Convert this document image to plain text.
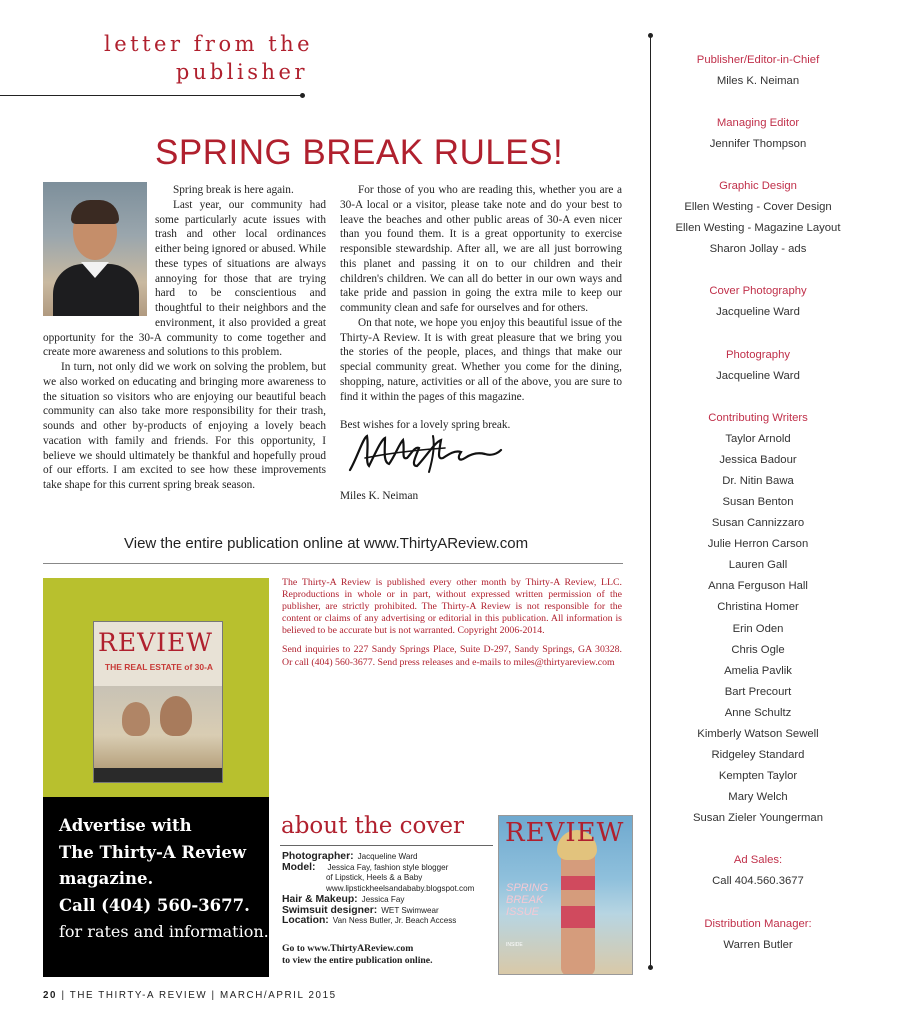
letter from the
publisher
SPRING BREAK RULES!

Spring break is here again.

Last year, our community had some particularly acute issues with trash and other local ordinances either being ignored or abused. While these types of situations are always annoying for those that are trying hard to be conscientious and thoughtful to their neighbors and the environment, it also provided a great opportunity for the 30-A community to come together and create more awareness and solutions to this problem.

In turn, not only did we work on solving the problem, but we also worked on educating and bringing more awareness to the situation so visitors who are enjoying our beautiful beach community can also take more responsibility for their trash, sounds and other by-products of enjoying a lovely beach vacation with family and friends. For this opportunity, I believe we should ultimately be thankful and hopefully proud of our efforts. I am excited to see how these improvements take shape for this current spring break season.

For those of you who are reading this, whether you are a 30-A local or a visitor, please take note and do your best to leave the beaches and other public areas of 30-A even nicer than you found them. It is a great opportunity to exercise responsible stewardship. After all, we are all just borrowing this planet and passing it on to our children and their children's children. We can all do better in our own ways and take pride and passion in going the extra mile to keep our community clean and safe for ourselves and for others.

On that note, we hope you enjoy this beautiful issue of the Thirty-A Review. It is with great pleasure that we bring you the stories of the people, places, and things that make our special community great. Whether you come for the dining, shopping, nature, activities or all of the above, you are sure to find it within the pages of this magazine.

Best wishes for a lovely spring break.

Miles K. Neiman
View the entire publication online at www.ThirtyAReview.com
REVIEW
THE REAL ESTATE of 30-A
Advertise with
The Thirty-A Review
magazine.
Call (404) 560-3677.
for rates and information.

The Thirty-A Review is published every other month by Thirty-A Review, LLC. Reproductions in whole or in part, without expressed written permission of the publisher, are strictly prohibited. The Thirty-A Review is not responsible for the content or claims of any advertising or editorial in this publication. All information is believed to be accurate but is not warranted. Copyright 2006-2014.

Send inquiries to 227 Sandy Springs Place, Suite D-297, Sandy Springs, GA 30328. Or call (404) 560-3677. Send press releases and e-mails to miles@thirtyareview.com

about the cover
Photographer: Jacqueline Ward
Model:	Jessica Fay, fashion style blogger
of Lipstick, Heels & a Baby
www.lipstickheelsandababy.blogspot.com
Hair & Makeup: Jessica Fay
Swimsuit designer: WET Swimwear
Location: Van Ness Butler, Jr. Beach Access
Go to www.ThirtyAReview.com
to view the entire publication online.
REVIEW
SPRING BREAK ISSUE
INSIDE
20 | THE THIRTY-A REVIEW | MARCH/APRIL 2015
Publisher/Editor-in-Chief
Miles K. Neiman
Managing Editor
Jennifer Thompson
Graphic Design
Ellen Westing - Cover Design
Ellen Westing - Magazine Layout
Sharon Jollay - ads
Cover Photography
Jacqueline Ward
Photography
Jacqueline Ward
Contributing Writers
Taylor Arnold
Jessica Badour
Dr. Nitin Bawa
Susan Benton
Susan Cannizzaro
Julie Herron Carson
Lauren Gall
Anna Ferguson Hall
Christina Homer
Erin Oden
Chris Ogle
Amelia Pavlik
Bart Precourt
Anne Schultz
Kimberly Watson Sewell
Ridgeley Standard
Kempten Taylor
Mary Welch
Susan Zieler Youngerman
Ad Sales:
Call 404.560.3677
Distribution Manager:
Warren Butler
